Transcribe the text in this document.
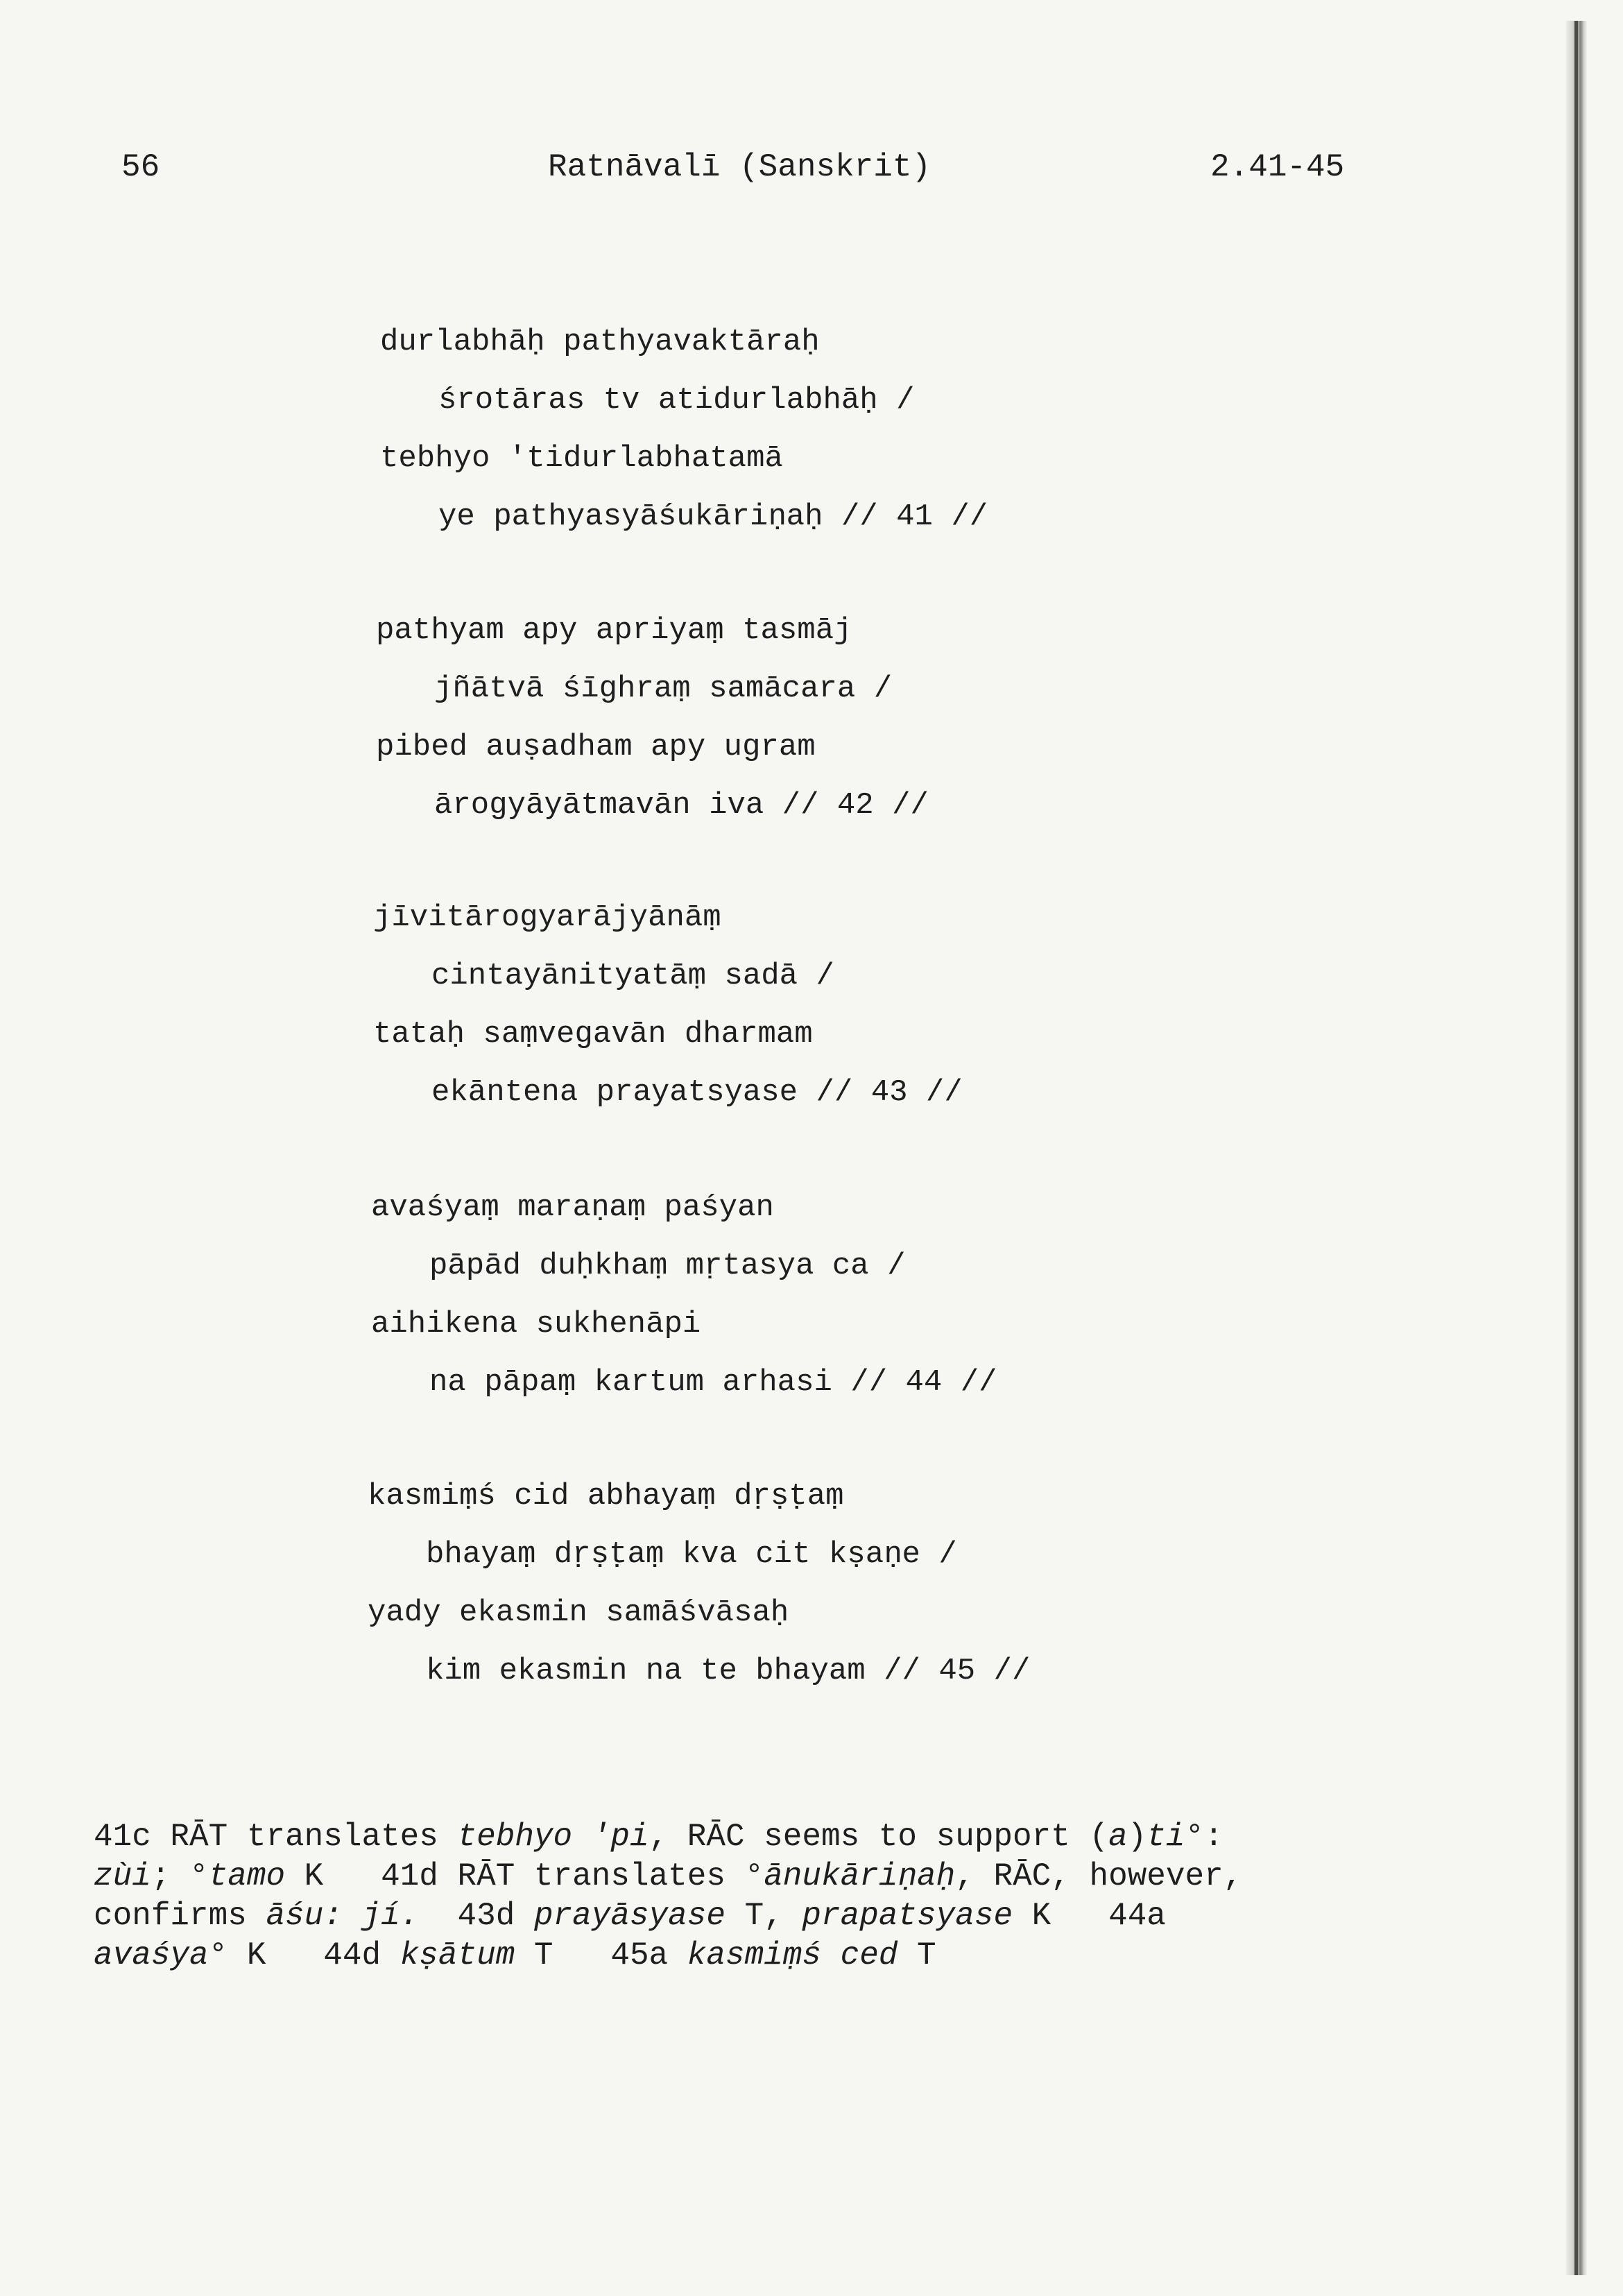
56	Ratnāvalī (Sanskrit)	2.41-45
durlabhāḥ pathyavaktāraḥ
śrotāras tv atidurlabhāḥ /
tebhyo 'tidurlabhatamā
ye pathyasyāśukāriṇaḥ // 41 //
pathyam apy apriyaṃ tasmāj
jñātvā śīghraṃ samācara /
pibed auṣadham apy ugram
ārogyāyātmavān iva // 42 //
jīvitārogyarājyānāṃ
cintayānityatāṃ sadā /
tataḥ saṃvegavān dharmam
ekāntena prayatsyase // 43 //
avaśyaṃ maraṇaṃ paśyan
pāpād duḥkhaṃ mṛtasya ca /
aihikena sukhenāpi
na pāpaṃ kartum arhasi // 44 //
kasmiṃś cid abhayaṃ dṛṣṭaṃ
bhayaṃ dṛṣṭaṃ kva cit kṣaṇe /
yady ekasmin samāśvāsaḥ
kim ekasmin na te bhayam // 45 //
41c RĀT translates tebhyo 'pi, RĀC seems to support (a)ti°:
zùi; °tamo K   41d RĀT translates °ānukāriṇaḥ, RĀC, however,
confirms āśu: jí.  43d prayāsyase T, prapatsyase K   44a
avaśya° K   44d kṣātum T   45a kasmiṃś ced T
